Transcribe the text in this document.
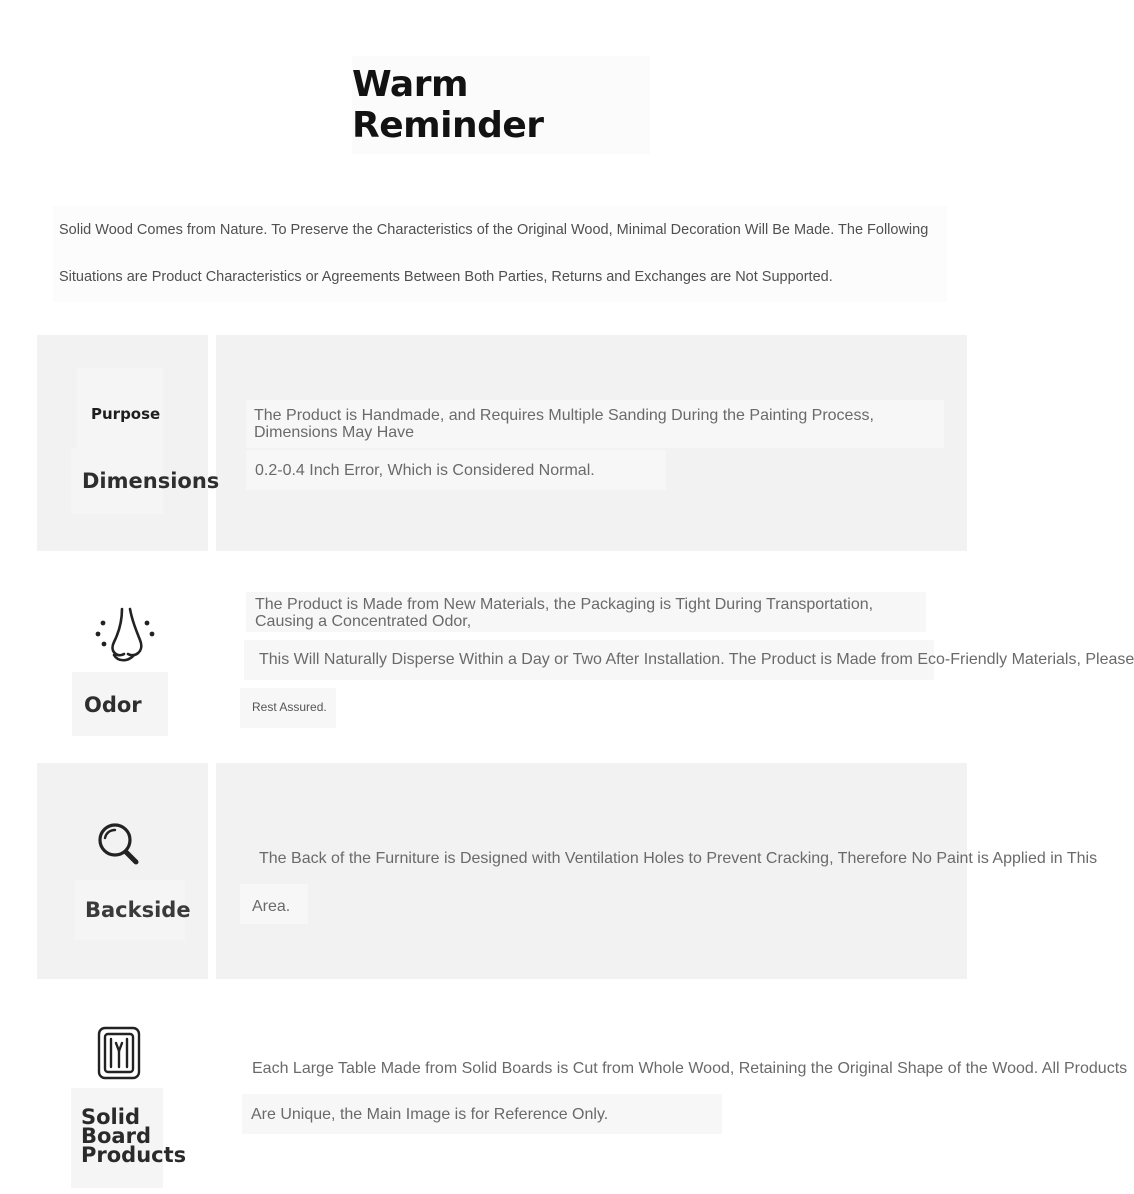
Warm Reminder
Solid Wood Comes from Nature. To Preserve the Characteristics of the Original Wood, Minimal Decoration Will Be Made. The Following
Situations are Product Characteristics or Agreements Between Both Parties, Returns and Exchanges are Not Supported.
Purpose
Dimensions
The Product is Handmade, and Requires Multiple Sanding During the Painting Process,
Dimensions May Have
0.2-0.4 Inch Error, Which is Considered Normal.
Odor
The Product is Made from New Materials, the Packaging is Tight During Transportation,
Causing a Concentrated Odor,
This Will Naturally Disperse Within a Day or Two After Installation. The Product is Made from Eco-Friendly Materials, Please
Rest Assured.
Backside
The Back of the Furniture is Designed with Ventilation Holes to Prevent Cracking, Therefore No Paint is Applied in This
Area.
Solid
Board
Products
Each Large Table Made from Solid Boards is Cut from Whole Wood, Retaining the Original Shape of the Wood. All Products
Are Unique, the Main Image is for Reference Only.
